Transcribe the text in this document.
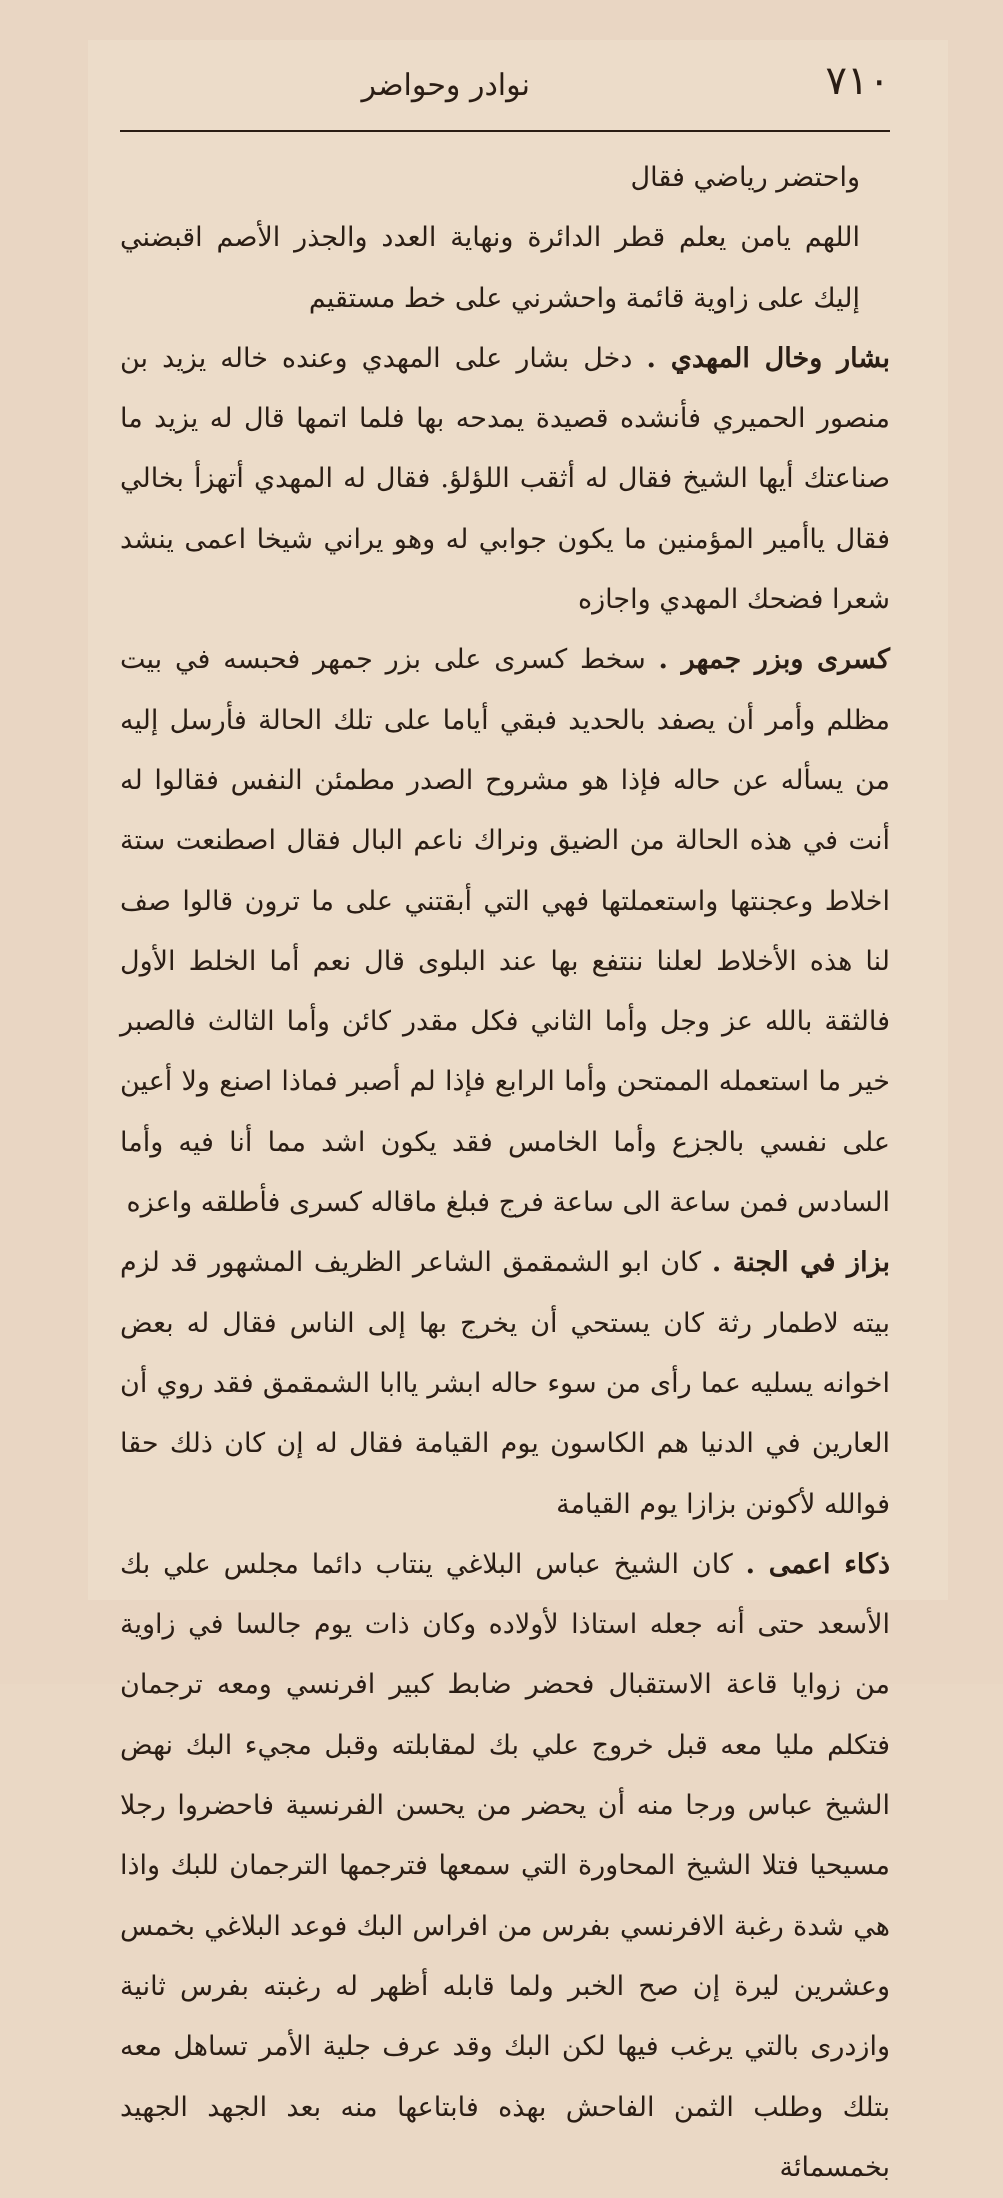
٧١٠
نوادر وحواضر

واحتضر رياضي فقال

اللهم يامن يعلم قطر الدائرة ونهاية العدد والجذر الأصم اقبضني إليك على زاوية قائمة واحشرني على خط مستقيم

بشار وخال المهدي . دخل بشار على المهدي وعنده خاله يزيد بن منصور الحميري فأنشده قصيدة يمدحه بها فلما اتمها قال له يزيد ما صناعتك أيها الشيخ فقال له أثقب اللؤلؤ. فقال له المهدي أتهزأ بخالي فقال ياأمير المؤمنين ما يكون جوابي له وهو يراني شيخا اعمى ينشد شعرا فضحك المهدي واجازه

كسرى وبزر جمهر . سخط كسرى على بزر جمهر فحبسه في بيت مظلم وأمر أن يصفد بالحديد فبقي أياما على تلك الحالة فأرسل إليه من يسأله عن حاله فإذا هو مشروح الصدر مطمئن النفس فقالوا له أنت في هذه الحالة من الضيق ونراك ناعم البال فقال اصطنعت ستة اخلاط وعجنتها واستعملتها فهي التي أبقتني على ما ترون قالوا صف لنا هذه الأخلاط لعلنا ننتفع بها عند البلوى قال نعم أما الخلط الأول فالثقة بالله عز وجل وأما الثاني فكل مقدر كائن وأما الثالث فالصبر خير ما استعمله الممتحن وأما الرابع فإذا لم أصبر فماذا اصنع ولا أعين على نفسي بالجزع وأما الخامس فقد يكون اشد مما أنا فيه وأما السادس فمن ساعة الى ساعة فرج فبلغ ماقاله كسرى فأطلقه واعزه

بزاز في الجنة . كان ابو الشمقمق الشاعر الظريف المشهور قد لزم بيته لاطمار رثة كان يستحي أن يخرج بها إلى الناس فقال له بعض اخوانه يسليه عما رأى من سوء حاله ابشر ياابا الشمقمق فقد روي أن العارين في الدنيا هم الكاسون يوم القيامة فقال له إن كان ذلك حقا فوالله لأكونن بزازا يوم القيامة

ذكاء اعمى . كان الشيخ عباس البلاغي ينتاب دائما مجلس علي بك الأسعد حتى أنه جعله استاذا لأولاده وكان ذات يوم جالسا في زاوية من زوايا قاعة الاستقبال فحضر ضابط كبير افرنسي ومعه ترجمان فتكلم مليا معه قبل خروج علي بك لمقابلته وقبل مجيء البك نهض الشيخ عباس ورجا منه أن يحضر من يحسن الفرنسية فاحضروا رجلا مسيحيا فتلا الشيخ المحاورة التي سمعها فترجمها الترجمان للبك واذا هي شدة رغبة الافرنسي بفرس من افراس البك فوعد البلاغي بخمس وعشرين ليرة إن صح الخبر ولما قابله أظهر له رغبته بفرس ثانية وازدرى بالتي يرغب فيها لكن البك وقد عرف جلية الأمر تساهل معه بتلك وطلب الثمن الفاحش بهذه فابتاعها منه بعد الجهد الجهيد بخمسمائة
